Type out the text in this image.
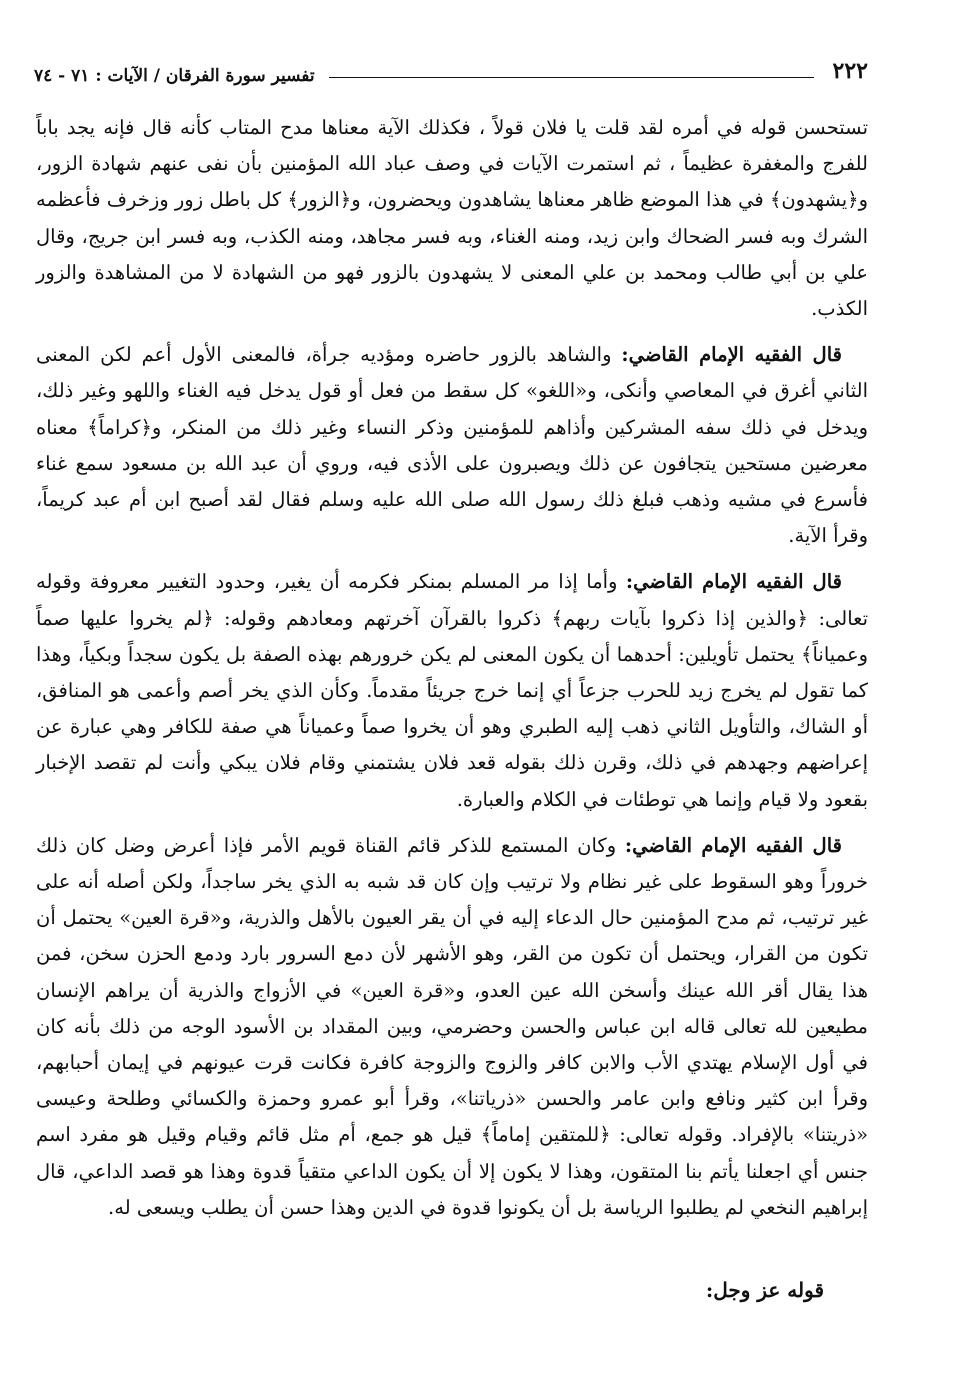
٢٢٢
تفسير سورة الفرقان / الآيات : ٧١ - ٧٤

تستحسن قوله في أمره لقد قلت يا فلان قولاً ، فكذلك الآية معناها مدح المتاب كأنه قال فإنه يجد باباً للفرج والمغفرة عظيماً ، ثم استمرت الآيات في وصف عباد الله المؤمنين بأن نفى عنهم شهادة الزور، و﴿يشهدون﴾ في هذا الموضع ظاهر معناها يشاهدون ويحضرون، و﴿الزور﴾ كل باطل زور وزخرف فأعظمه الشرك وبه فسر الضحاك وابن زيد، ومنه الغناء، وبه فسر مجاهد، ومنه الكذب، وبه فسر ابن جريج، وقال علي بن أبي طالب ومحمد بن علي المعنى لا يشهدون بالزور فهو من الشهادة لا من المشاهدة والزور الكذب.

قال الفقيه الإمام القاضي: والشاهد بالزور حاضره ومؤديه جرأة، فالمعنى الأول أعم لكن المعنى الثاني أغرق في المعاصي وأنكى، و«اللغو» كل سقط من فعل أو قول يدخل فيه الغناء واللهو وغير ذلك، ويدخل في ذلك سفه المشركين وأذاهم للمؤمنين وذكر النساء وغير ذلك من المنكر، و﴿كراماً﴾ معناه معرضين مستحين يتجافون عن ذلك ويصبرون على الأذى فيه، وروي أن عبد الله بن مسعود سمع غناء فأسرع في مشيه وذهب فبلغ ذلك رسول الله صلى الله عليه وسلم فقال لقد أصبح ابن أم عبد كريماً، وقرأ الآية.

قال الفقيه الإمام القاضي: وأما إذا مر المسلم بمنكر فكرمه أن يغير، وحدود التغيير معروفة وقوله تعالى: ﴿والذين إذا ذكروا بآيات ربهم﴾ ذكروا بالقرآن آخرتهم ومعادهم وقوله: ﴿لم يخروا عليها صماً وعمياناً﴾ يحتمل تأويلين: أحدهما أن يكون المعنى لم يكن خرورهم بهذه الصفة بل يكون سجداً وبكياً، وهذا كما تقول لم يخرج زيد للحرب جزعاً أي إنما خرج جريئاً مقدماً. وكأن الذي يخر أصم وأعمى هو المنافق، أو الشاك، والتأويل الثاني ذهب إليه الطبري وهو أن يخروا صماً وعمياناً هي صفة للكافر وهي عبارة عن إعراضهم وجهدهم في ذلك، وقرن ذلك بقوله قعد فلان يشتمني وقام فلان يبكي وأنت لم تقصد الإخبار بقعود ولا قيام وإنما هي توطئات في الكلام والعبارة.

قال الفقيه الإمام القاضي: وكان المستمع للذكر قائم القناة قويم الأمر فإذا أعرض وضل كان ذلك خروراً وهو السقوط على غير نظام ولا ترتيب وإن كان قد شبه به الذي يخر ساجداً، ولكن أصله أنه على غير ترتيب، ثم مدح المؤمنين حال الدعاء إليه في أن يقر العيون بالأهل والذرية، و«قرة العين» يحتمل أن تكون من القرار، ويحتمل أن تكون من القر، وهو الأشهر لأن دمع السرور بارد ودمع الحزن سخن، فمن هذا يقال أقر الله عينك وأسخن الله عين العدو، و«قرة العين» في الأزواج والذرية أن يراهم الإنسان مطيعين لله تعالى قاله ابن عباس والحسن وحضرمي، وبين المقداد بن الأسود الوجه من ذلك بأنه كان في أول الإسلام يهتدي الأب والابن كافر والزوج والزوجة كافرة فكانت قرت عيونهم في إيمان أحبابهم، وقرأ ابن كثير ونافع وابن عامر والحسن «ذرياتنا»، وقرأ أبو عمرو وحمزة والكسائي وطلحة وعيسى «ذريتنا» بالإفراد. وقوله تعالى: ﴿للمتقين إماماً﴾ قيل هو جمع، أم مثل قائم وقيام وقيل هو مفرد اسم جنس أي اجعلنا يأتم بنا المتقون، وهذا لا يكون إلا أن يكون الداعي متقياً قدوة وهذا هو قصد الداعي، قال إبراهيم النخعي لم يطلبوا الرياسة بل أن يكونوا قدوة في الدين وهذا حسن أن يطلب ويسعى له.

قوله عز وجل:
